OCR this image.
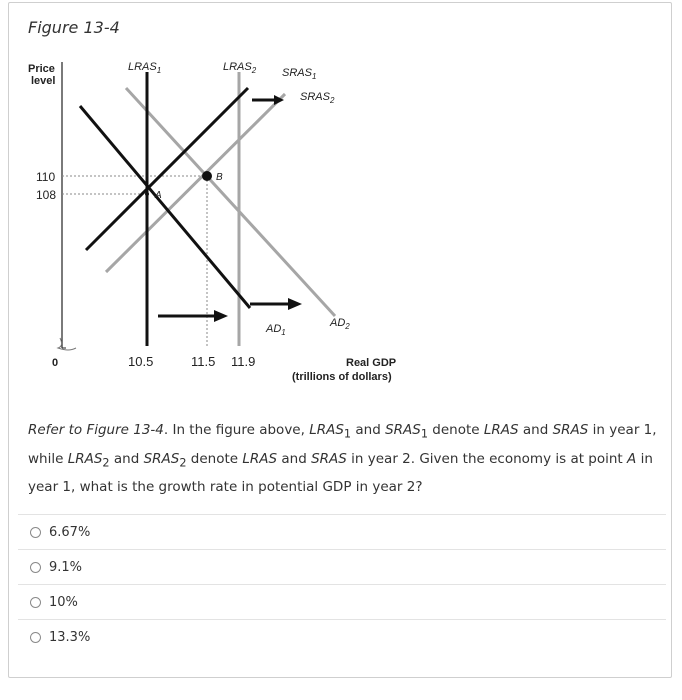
Figure 13-4
A
B
Price
level
110
108
0	10.5	11.5 11.9	Real GDP
(trillions of dollars)
$LRAS_1$	$LRAS_2$ $SRAS_1$
$SRAS_2$
$AD_1$
$AD_2$
Refer to Figure 13-4. In the figure above, $LRAS_1$ and $SRAS_1$ denote LRAS and SRAS in year 1, while $LRAS_2$ and $SRAS_2$ denote LRAS and SRAS in year 2. Given the economy is at point A in year 1, what is the growth rate in potential GDP in year 2?
6.67%
9.1%
10%
13.3%
